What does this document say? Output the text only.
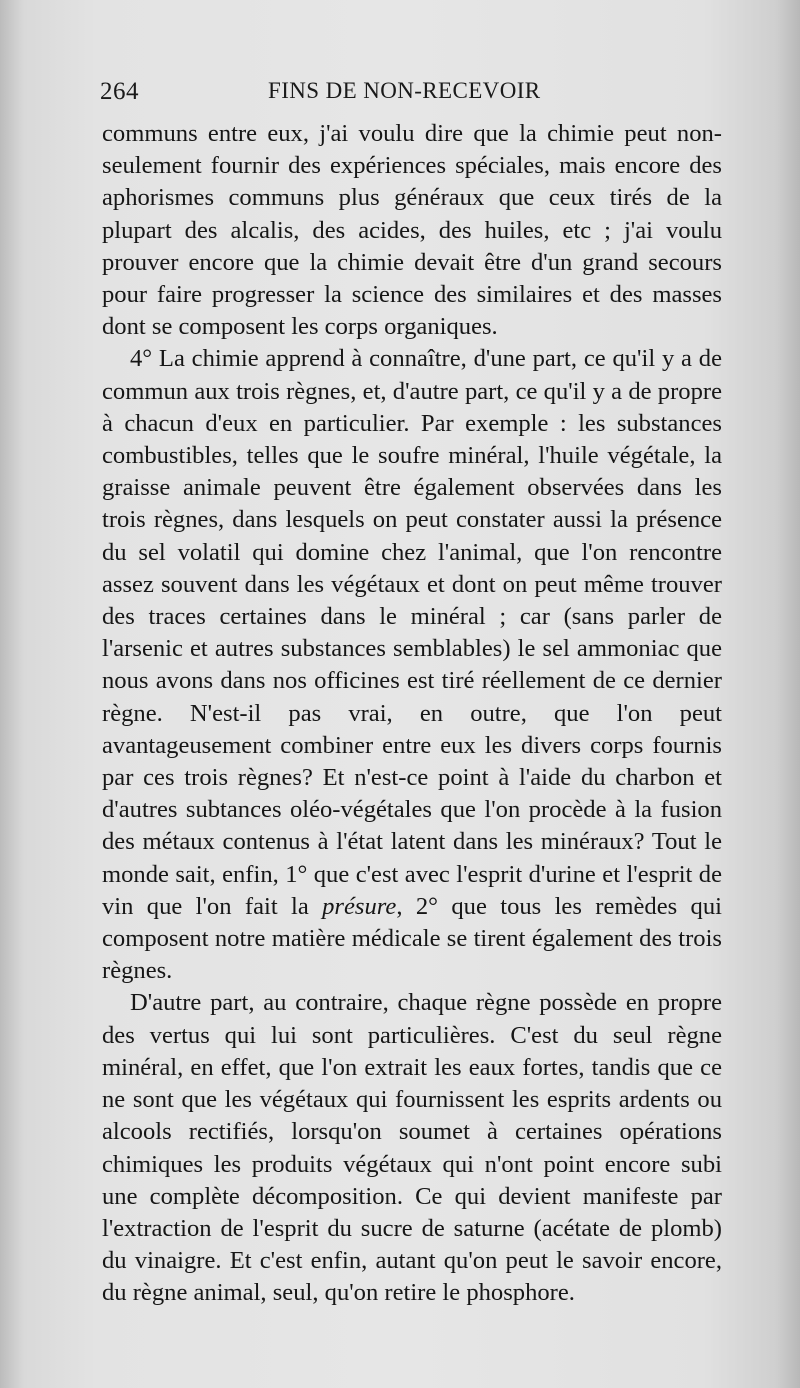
264	FINS DE NON-RECEVOIR

communs entre eux, j'ai voulu dire que la chimie peut non-seulement fournir des expériences spéciales, mais encore des aphorismes communs plus généraux que ceux tirés de la plupart des alcalis, des acides, des huiles, etc ; j'ai voulu prouver encore que la chimie devait être d'un grand secours pour faire progresser la science des similaires et des masses dont se composent les corps organiques.

4° La chimie apprend à connaître, d'une part, ce qu'il y a de commun aux trois règnes, et, d'autre part, ce qu'il y a de propre à chacun d'eux en particulier. Par exemple : les substances combustibles, telles que le soufre minéral, l'huile végétale, la graisse animale peuvent être également observées dans les trois règnes, dans lesquels on peut constater aussi la présence du sel volatil qui domine chez l'animal, que l'on rencontre assez souvent dans les végétaux et dont on peut même trouver des traces certaines dans le minéral ; car (sans parler de l'arsenic et autres substances semblables) le sel ammoniac que nous avons dans nos officines est tiré réellement de ce dernier règne. N'est-il pas vrai, en outre, que l'on peut avantageusement combiner entre eux les divers corps fournis par ces trois règnes? Et n'est-ce point à l'aide du charbon et d'autres subtances oléo-végétales que l'on procède à la fusion des métaux contenus à l'état latent dans les minéraux? Tout le monde sait, enfin, 1° que c'est avec l'esprit d'urine et l'esprit de vin que l'on fait la présure, 2° que tous les remèdes qui composent notre matière médicale se tirent également des trois règnes.

D'autre part, au contraire, chaque règne possède en propre des vertus qui lui sont particulières. C'est du seul règne minéral, en effet, que l'on extrait les eaux fortes, tandis que ce ne sont que les végétaux qui fournissent les esprits ardents ou alcools rectifiés, lorsqu'on soumet à certaines opérations chimiques les produits végétaux qui n'ont point encore subi une complète décomposition. Ce qui devient manifeste par l'extraction de l'esprit du sucre de saturne (acétate de plomb) du vinaigre. Et c'est enfin, autant qu'on peut le savoir encore, du règne animal, seul, qu'on retire le phosphore.
